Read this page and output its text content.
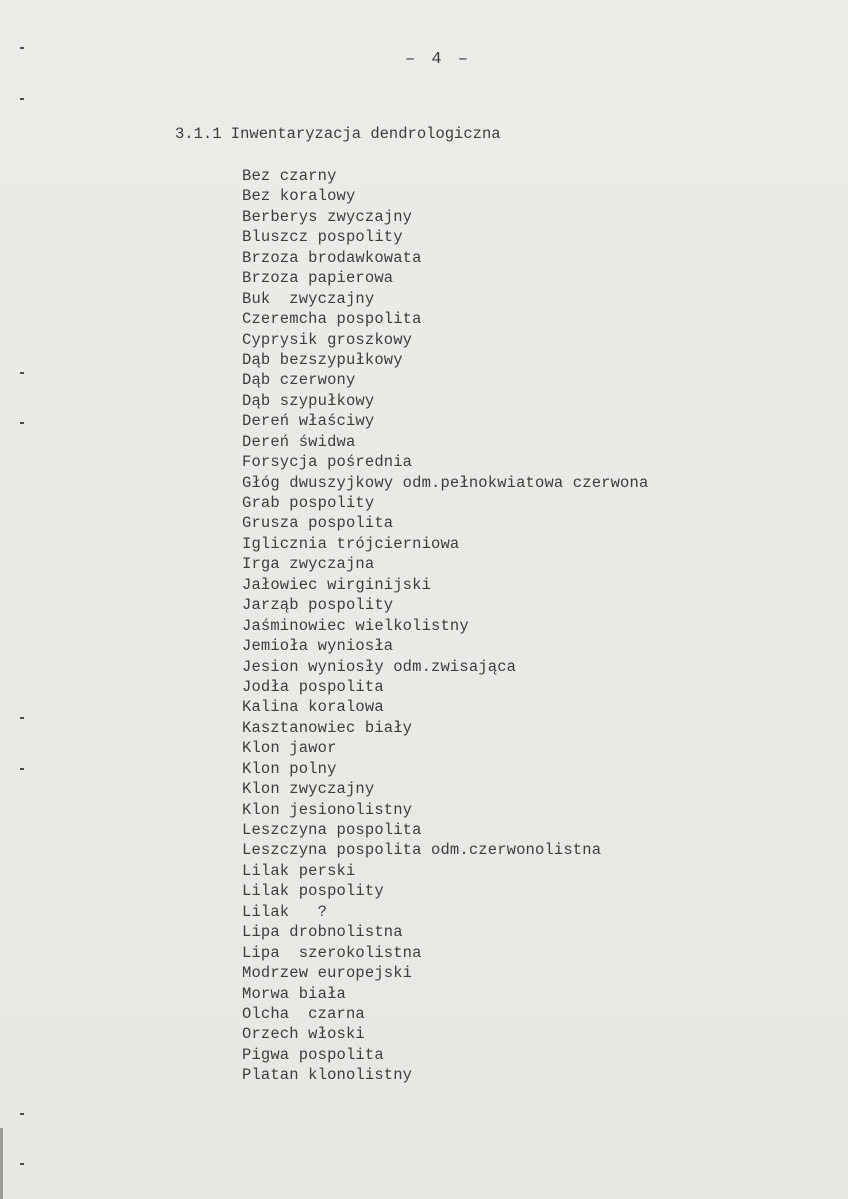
– 4 –
3.1.1 Inwentaryzacja dendrologiczna
Bez czarny
Bez koralowy
Berberys zwyczajny
Bluszcz pospolity
Brzoza brodawkowata
Brzoza papierowa
Buk  zwyczajny
Czeremcha pospolita
Cyprysik groszkowy
Dąb bezszypułkowy
Dąb czerwony
Dąb szypułkowy
Dereń właściwy
Dereń świdwa
Forsycja pośrednia
Głóg dwuszyjkowy odm.pełnokwiatowa czerwona
Grab pospolity
Grusza pospolita
Iglicznia trójcierniowa
Irga zwyczajna
Jałowiec wirginijski
Jarząb pospolity
Jaśminowiec wielkolistny
Jemioła wyniosła
Jesion wyniosły odm.zwisająca
Jodła pospolita
Kalina koralowa
Kasztanowiec biały
Klon jawor
Klon polny
Klon zwyczajny
Klon jesionolistny
Leszczyna pospolita
Leszczyna pospolita odm.czerwonolistna
Lilak perski
Lilak pospolity
Lilak   ?
Lipa drobnolistna
Lipa  szerokolistna
Modrzew europejski
Morwa biała
Olcha  czarna
Orzech włoski
Pigwa pospolita
Platan klonolistny
